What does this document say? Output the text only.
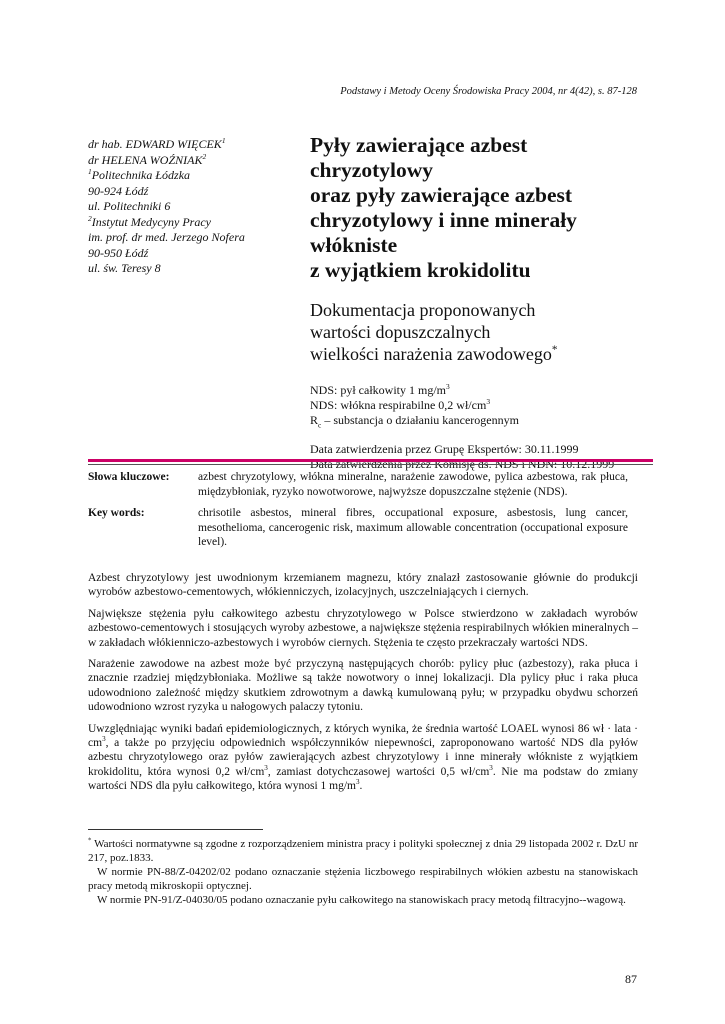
Podstawy i Metody Oceny Środowiska Pracy 2004, nr 4(42), s. 87-128
dr hab. EDWARD WIĘCEK$^1$
dr HELENA WOŹNIAK$^2$
$^1$Politechnika Łódzka
90-924 Łódź
ul. Politechniki 6
$^2$Instytut Medycyny Pracy
im. prof. dr med. Jerzego Nofera
90-950 Łódź
ul. św. Teresy 8
Pyły zawierające azbest chryzotylowy
oraz pyły zawierające azbest
chryzotylowy i inne minerały włókniste
z wyjątkiem krokidolitu
Dokumentacja proponowanych
wartości dopuszczalnych
wielkości narażenia zawodowego*
NDS: pył całkowity 1 $mg/m^3$
NDS: włókna respirabilne 0,2 $wł/cm^3$
$R_c$ – substancja o działaniu kancerogennym
Data zatwierdzenia przez Grupę Ekspertów: 30.11.1999
Słowa kluczowe:	azbest chryzotylowy, włókna mineralne, narażenie zawodowe, pylica azbestowa, rak płuca, międzybłoniak, ryzyko nowotworowe, najwyższe dopuszczalne stężenie (NDS).
Key words:	chrisotile asbestos, mineral fibres, occupational exposure, asbestosis, lung cancer, mesothelioma, cancerogenic risk, maximum allowable concentration (occupational exposure level).

Azbest chryzotylowy jest uwodnionym krzemianem magnezu, który znalazł zastosowanie głównie do produkcji wyrobów azbestowo-cementowych, włókienniczych, izolacyjnych, uszczelniających i ciernych.

Największe stężenia pyłu całkowitego azbestu chryzotylowego w Polsce stwierdzono w zakładach wyrobów azbestowo-cementowych i stosujących wyroby azbestowe, a największe stężenia respirabilnych włókien mineralnych – w zakładach włókienniczo-azbestowych i wyrobów ciernych. Stężenia te często przekraczały wartości NDS.

Narażenie zawodowe na azbest może być przyczyną następujących chorób: pylicy płuc (azbestozy), raka płuca i znacznie rzadziej międzybłoniaka. Możliwe są także nowotwory o innej lokalizacji. Dla pylicy płuc i raka płuca udowodniono zależność między skutkiem zdrowotnym a dawką kumulowaną pyłu; w przypadku obydwu schorzeń udowodniono wzrost ryzyka u nałogowych palaczy tytoniu.

Uwzględniając wyniki badań epidemiologicznych, z których wynika, że średnia wartość LOAEL wynosi 86 wł · lata · $cm^3$, a także po przyjęciu odpowiednich współczynników niepewności, zaproponowano wartość NDS dla pyłów azbestu chryzotylowego oraz pyłów zawierających azbest chryzotylowy i inne minerały włókniste z wyjątkiem krokidolitu, która wynosi 0,2 $wł/cm^3$, zamiast dotychczasowej wartości 0,5 $wł/cm^3$. Nie ma podstaw do zmiany wartości NDS dla pyłu całkowitego, która wynosi 1 $mg/m^3$.

* Wartości normatywne są zgodne z rozporządzeniem ministra pracy i polityki społecznej z dnia 29 listopada 2002 r. DzU nr 217, poz.1833.

W normie PN-88/Z-04202/02 podano oznaczanie stężenia liczbowego respirabilnych włókien azbestu na stanowiskach pracy metodą mikroskopii optycznej.

W normie PN-91/Z-04030/05 podano oznaczanie pyłu całkowitego na stanowiskach pracy metodą filtracyjno--wagową.

87
